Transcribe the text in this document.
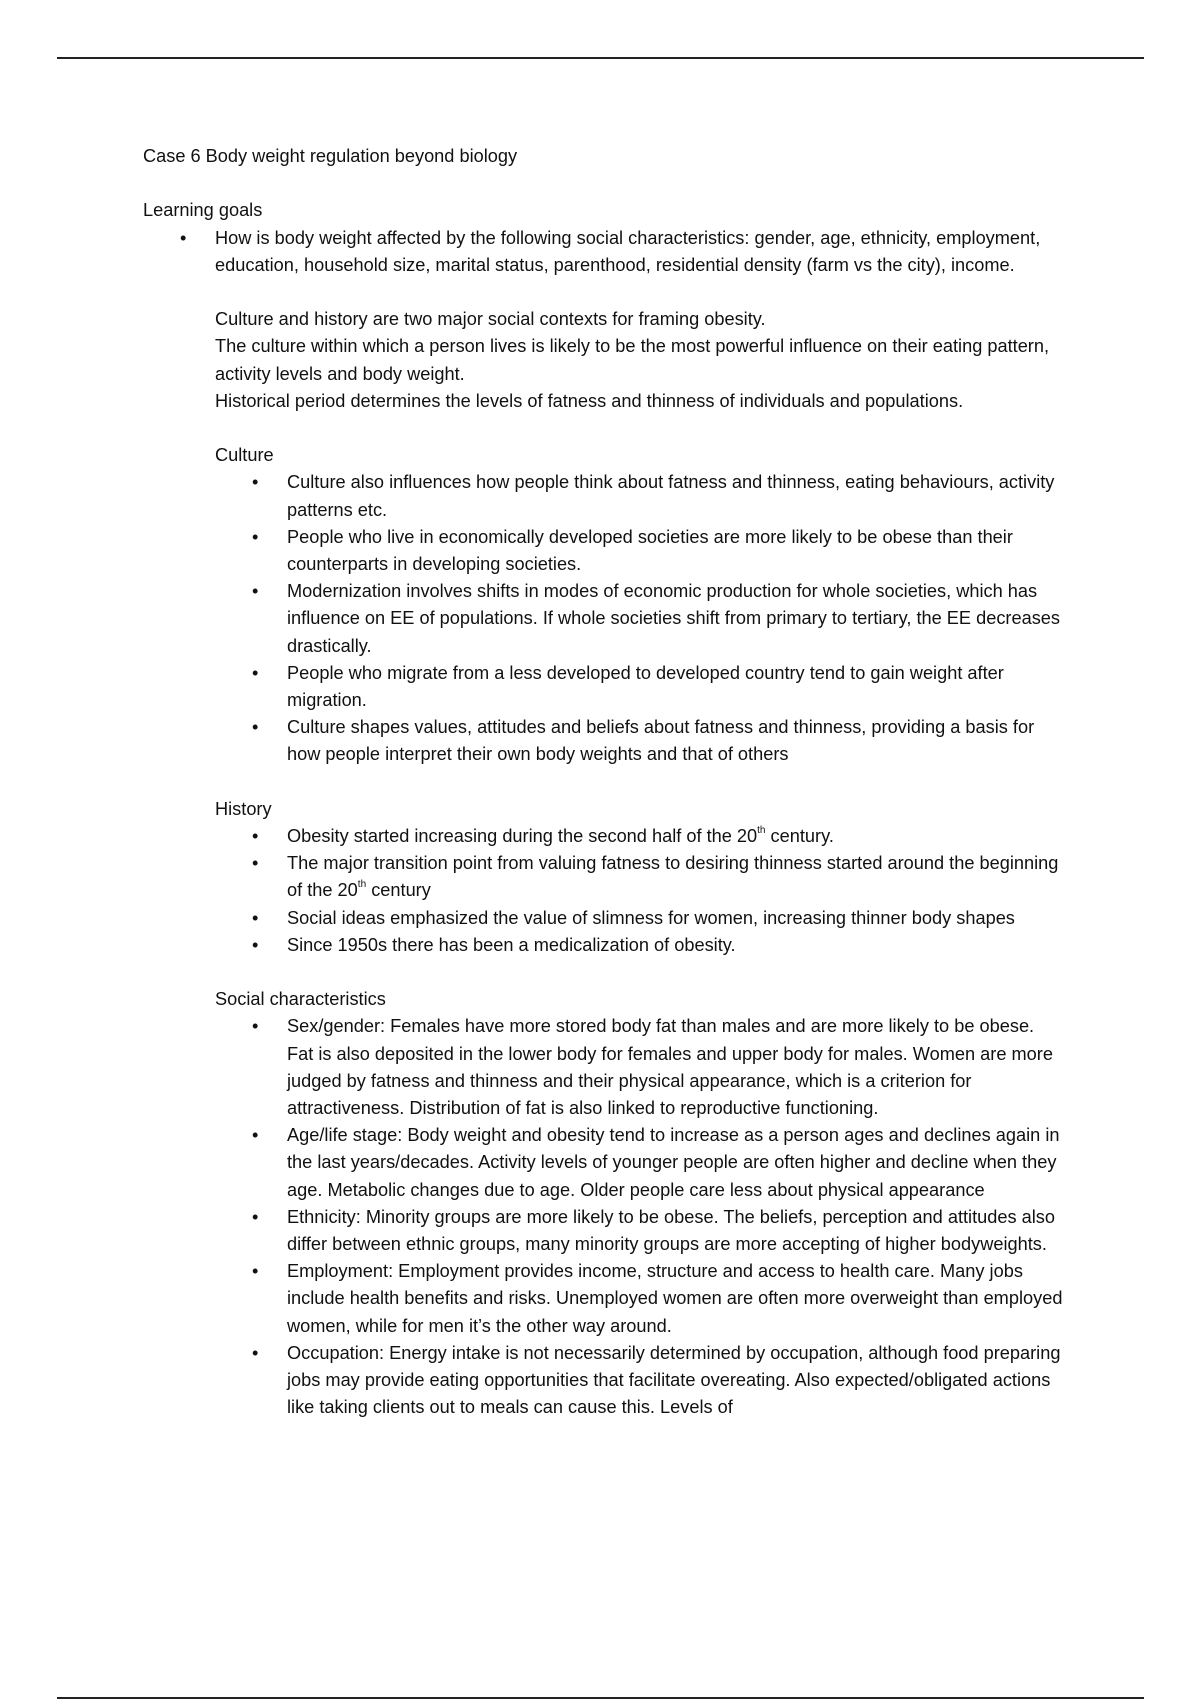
Case 6 Body weight regulation beyond biology

Learning goals

• How is body weight affected by the following social characteristics: gender, age, ethnicity, employment, education, household size, marital status, parenthood, residential density (farm vs the city), income.

Culture and history are two major social contexts for framing obesity.

The culture within which a person lives is likely to be the most powerful influence on their eating pattern, activity levels and body weight.

Historical period determines the levels of fatness and thinness of individuals and populations.

Culture

• Culture also influences how people think about fatness and thinness, eating behaviours, activity patterns etc.
• People who live in economically developed societies are more likely to be obese than their counterparts in developing societies.
• Modernization involves shifts in modes of economic production for whole societies, which has influence on EE of populations. If whole societies shift from primary to tertiary, the EE decreases drastically.
• People who migrate from a less developed to developed country tend to gain weight after migration.
• Culture shapes values, attitudes and beliefs about fatness and thinness, providing a basis for how people interpret their own body weights and that of others

History

• Obesity started increasing during the second half of the 20th century.
• The major transition point from valuing fatness to desiring thinness started around the beginning of the 20th century
• Social ideas emphasized the value of slimness for women, increasing thinner body shapes
• Since 1950s there has been a medicalization of obesity.

Social characteristics

• Sex/gender: Females have more stored body fat than males and are more likely to be obese. Fat is also deposited in the lower body for females and upper body for males. Women are more judged by fatness and thinness and their physical appearance, which is a criterion for attractiveness. Distribution of fat is also linked to reproductive functioning.
• Age/life stage: Body weight and obesity tend to increase as a person ages and declines again in the last years/decades. Activity levels of younger people are often higher and decline when they age. Metabolic changes due to age. Older people care less about physical appearance
• Ethnicity: Minority groups are more likely to be obese. The beliefs, perception and attitudes also differ between ethnic groups, many minority groups are more accepting of higher bodyweights.
• Employment: Employment provides income, structure and access to health care. Many jobs include health benefits and risks. Unemployed women are often more overweight than employed women, while for men it’s the other way around.
• Occupation: Energy intake is not necessarily determined by occupation, although food preparing jobs may provide eating opportunities that facilitate overeating. Also expected/obligated actions like taking clients out to meals can cause this. Levels of
